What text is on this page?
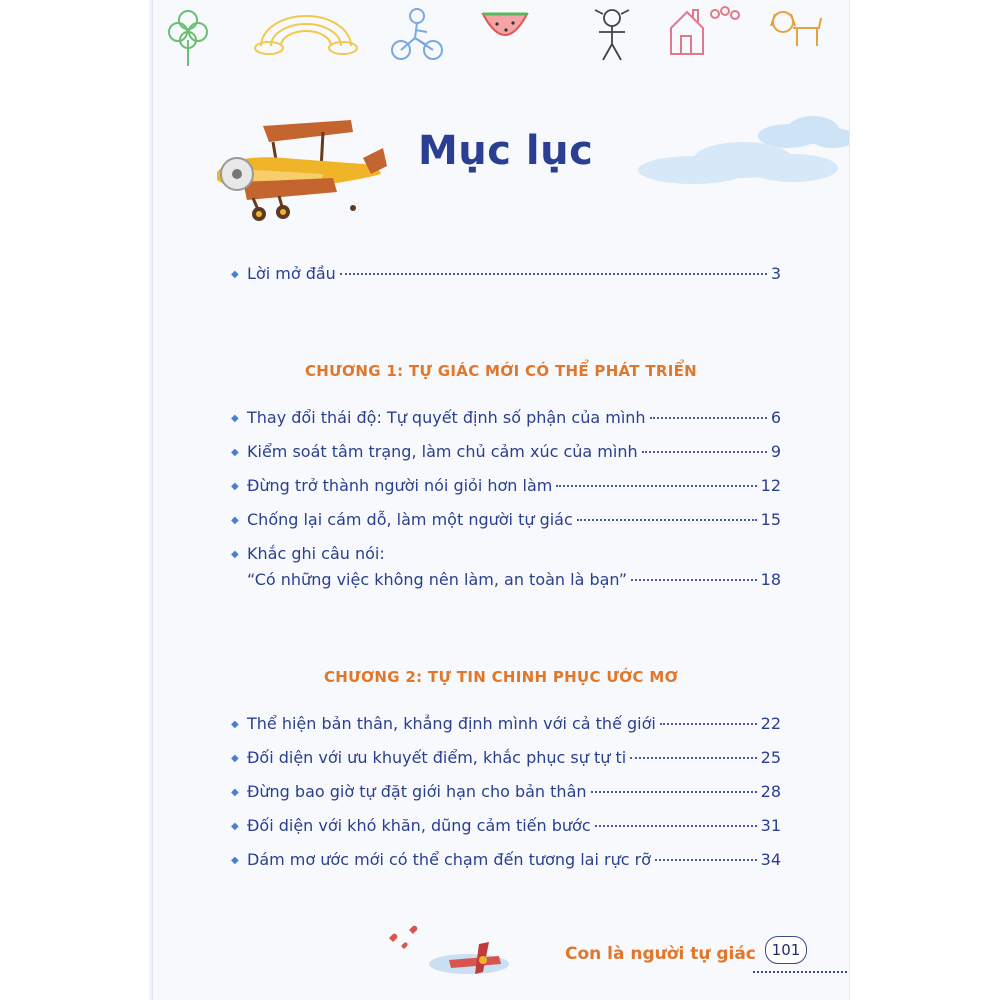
Mục lục
◆ Lời mở đầu	3
CHƯƠNG 1: TỰ GIÁC MỚI CÓ THỂ PHÁT TRIỂN
◆ Thay đổi thái độ: Tự quyết định số phận của mình	6
◆ Kiểm soát tâm trạng, làm chủ cảm xúc của mình	9
◆ Đừng trở thành người nói giỏi hơn làm	12
◆ Chống lại cám dỗ, làm một người tự giác	15
◆ Khắc ghi câu nói:
“Có những việc không nên làm, an toàn là bạn”	18
CHƯƠNG 2: TỰ TIN CHINH PHỤC ƯỚC MƠ
◆ Thể hiện bản thân, khẳng định mình với cả thế giới	22
◆ Đối diện với ưu khuyết điểm, khắc phục sự tự ti	25
◆ Đừng bao giờ tự đặt giới hạn cho bản thân	28
◆ Đối diện với khó khăn, dũng cảm tiến bước	31
◆ Dám mơ ước mới có thể chạm đến tương lai rực rỡ	34
Con là người tự giác	101
